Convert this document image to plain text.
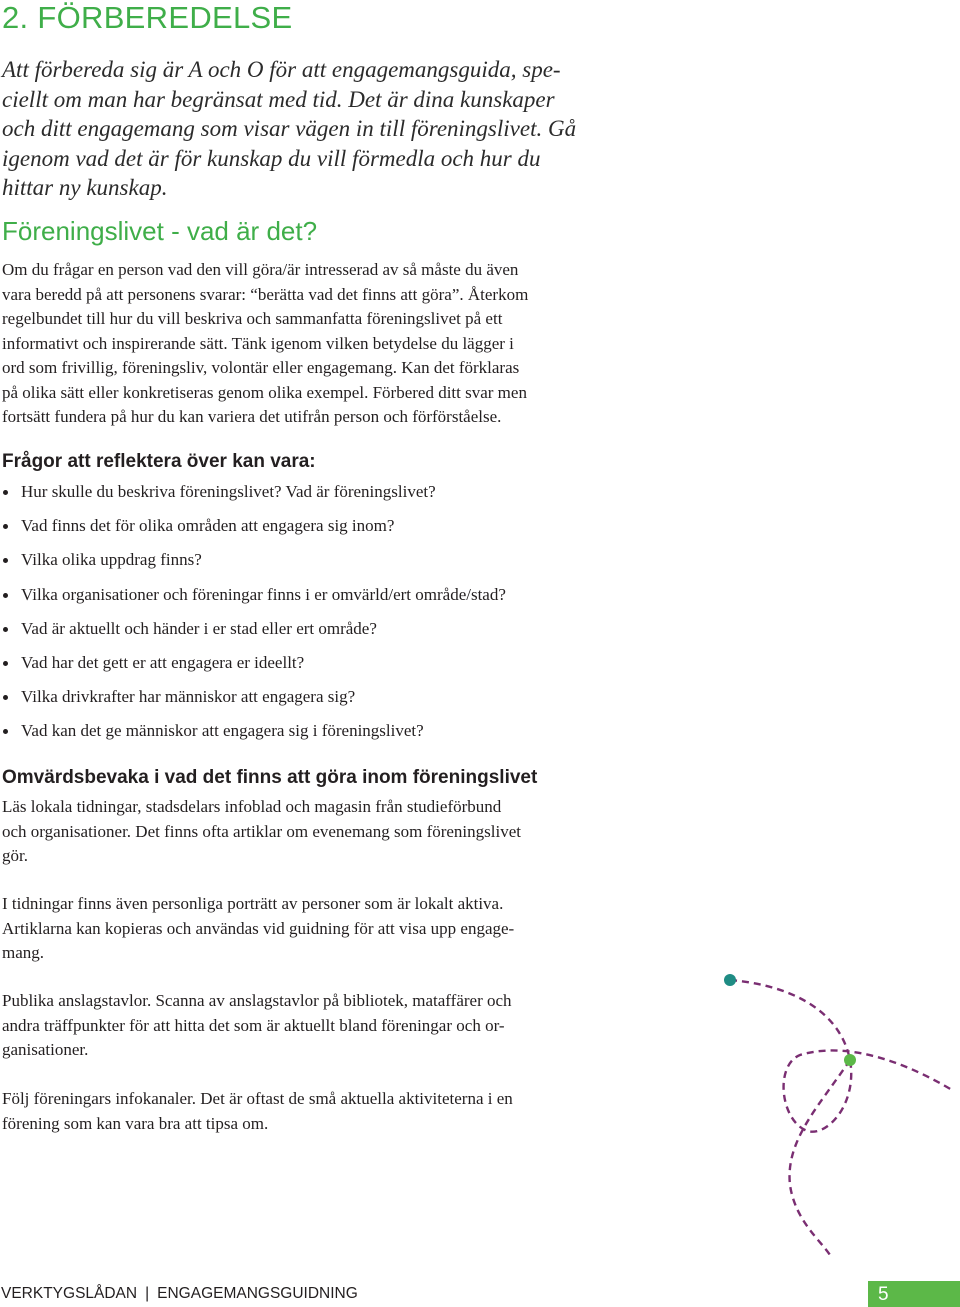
2. FÖRBEREDELSE

Att förbereda sig är A och O för att engagemangsguida, spe-
ciellt om man har begränsat med tid. Det är dina kunskaper
och ditt engagemang som visar vägen in till föreningslivet. Gå
igenom vad det är för kunskap du vill förmedla och hur du
hittar ny kunskap.

Föreningslivet - vad är det?

Om du frågar en person vad den vill göra/är intresserad av så måste du även
vara beredd på att personens svarar: “berätta vad det finns att göra”. Återkom
regelbundet till hur du vill beskriva och sammanfatta föreningslivet på ett
informativt och inspirerande sätt. Tänk igenom vilken betydelse du lägger i
ord som frivillig, föreningsliv, volontär eller engagemang. Kan det förklaras
på olika sätt eller konkretiseras genom olika exempel. Förbered ditt svar men
fortsätt fundera på hur du kan variera det utifrån person och förförståelse.

Frågor att reflektera över kan vara:
Hur skulle du beskriva föreningslivet? Vad är föreningslivet?
Vad finns det för olika områden att engagera sig inom?
Vilka olika uppdrag finns?
Vilka organisationer och föreningar finns i er omvärld/ert område/stad?
Vad är aktuellt och händer i er stad eller ert område?
Vad har det gett er att engagera er ideellt?
Vilka drivkrafter har människor att engagera sig?
Vad kan det ge människor att engagera sig i föreningslivet?
Omvärdsbevaka i vad det finns att göra inom föreningslivet

Läs lokala tidningar, stadsdelars infoblad och magasin från studieförbund
och organisationer. Det finns ofta artiklar om evenemang som föreningslivet
gör.

I tidningar finns även personliga porträtt av personer som är lokalt aktiva.
Artiklarna kan kopieras och användas vid guidning för att visa upp engage-
mang.

Publika anslagstavlor. Scanna av anslagstavlor på bibliotek, mataffärer och
andra träffpunkter för att hitta det som är aktuellt bland föreningar och or-
ganisationer.

Följ föreningars infokanaler. Det är oftast de små aktuella aktiviteterna i en
förening som kan vara bra att tipsa om.

VERKTYGSLÅDAN | ENGAGEMANGSGUIDNING	5
